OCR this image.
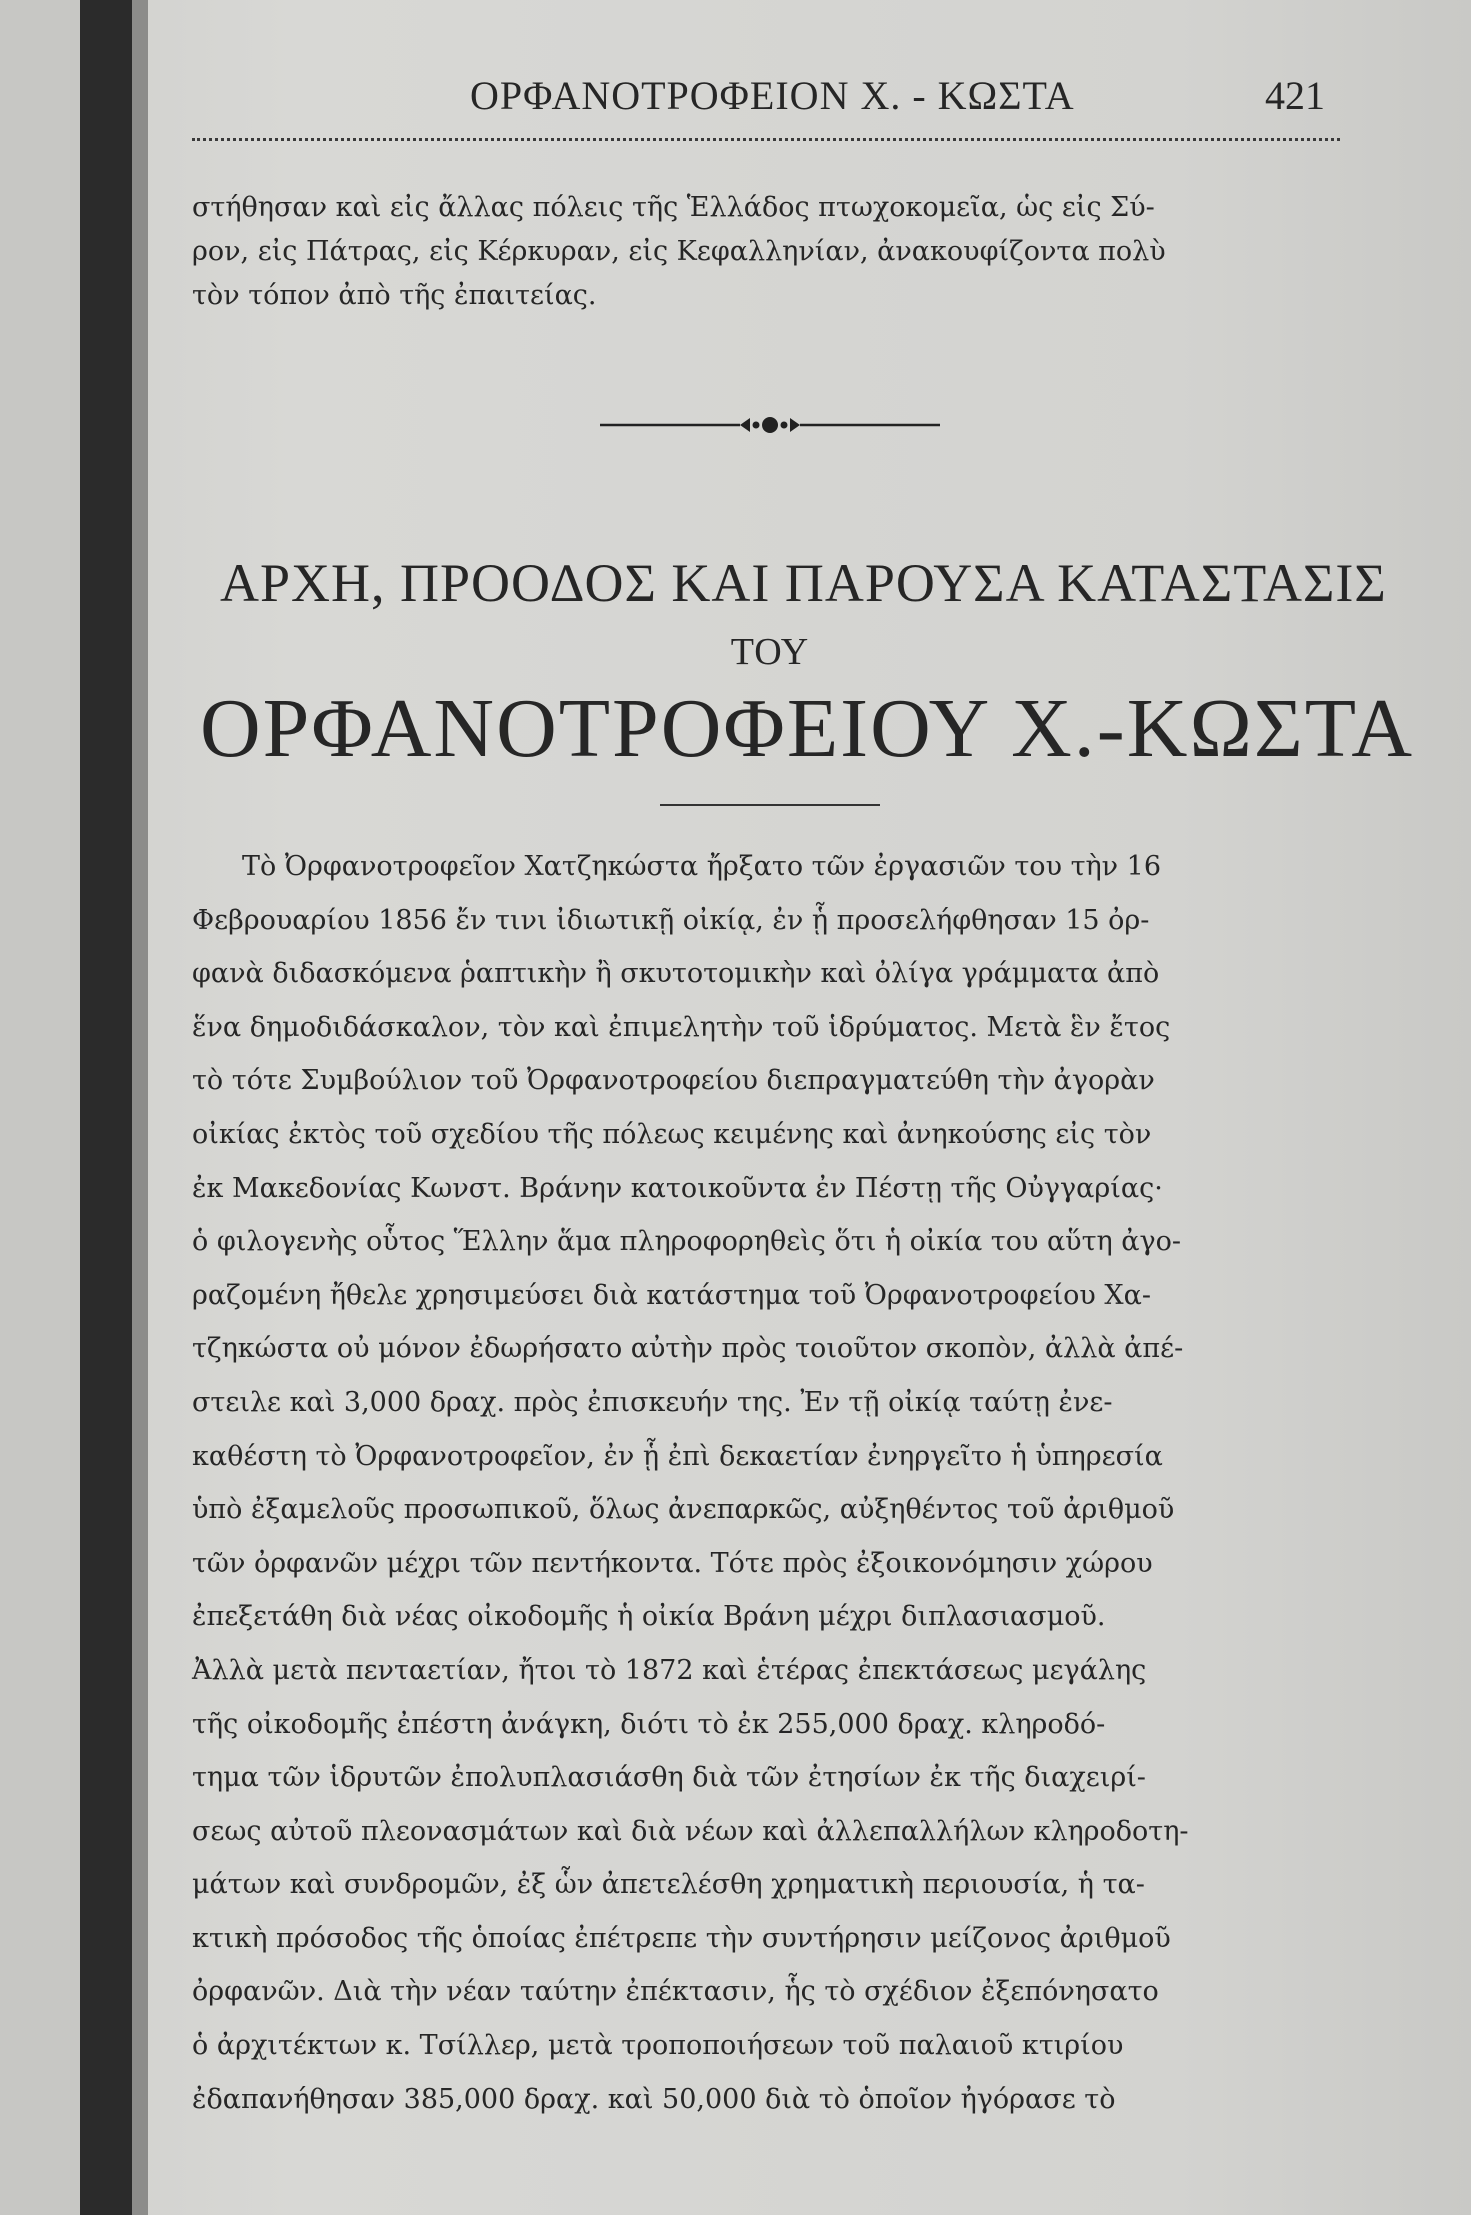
ΟΡΦΑΝΟΤΡΟΦΕΙΟΝ Χ. - ΚΩΣΤΑ	421
στήθησαν καὶ εἰς ἄλλας πόλεις τῆς Ἑλλάδος πτωχοκομεῖα, ὡς εἰς Σύ-
ρον, εἰς Πάτρας, εἰς Κέρκυραν, εἰς Κεφαλληνίαν, ἀνακουφίζοντα πολὺ
τὸν τόπον ἀπὸ τῆς ἐπαιτείας.
ΑΡΧΗ, ΠΡΟΟΔΟΣ ΚΑΙ ΠΑΡΟΥΣΑ ΚΑΤΑΣΤΑΣΙΣ
ΤΟΥ
ΟΡΦΑΝΟΤΡΟΦΕΙΟΥ Χ.-ΚΩΣΤΑ
Τὸ Ὀρφανοτροφεῖον Χατζηκώστα ἤρξατο τῶν ἐργασιῶν του τὴν 16
Φεβρουαρίου 1856 ἔν τινι ἰδιωτικῇ οἰκίᾳ, ἐν ᾗ προσελήφθησαν 15 ὀρ-
φανὰ διδασκόμενα ῥαπτικὴν ἢ σκυτοτομικὴν καὶ ὀλίγα γράμματα ἀπὸ
ἕνα δημοδιδάσκαλον, τὸν καὶ ἐπιμελητὴν τοῦ ἱδρύματος. Μετὰ ἓν ἔτος
τὸ τότε Συμβούλιον τοῦ Ὀρφανοτροφείου διεπραγματεύθη τὴν ἀγορὰν
οἰκίας ἐκτὸς τοῦ σχεδίου τῆς πόλεως κειμένης καὶ ἀνηκούσης εἰς τὸν
ἐκ Μακεδονίας Κωνστ. Βράνην κατοικοῦντα ἐν Πέστῃ τῆς Οὐγγαρίας·
ὁ φιλογενὴς οὗτος Ἕλλην ἅμα πληροφορηθεὶς ὅτι ἡ οἰκία του αὕτη ἀγο-
ραζομένη ἤθελε χρησιμεύσει διὰ κατάστημα τοῦ Ὀρφανοτροφείου Χα-
τζηκώστα οὐ μόνον ἐδωρήσατο αὐτὴν πρὸς τοιοῦτον σκοπὸν, ἀλλὰ ἀπέ-
στειλε καὶ 3,000 δραχ. πρὸς ἐπισκευήν της. Ἐν τῇ οἰκίᾳ ταύτῃ ἐνε-
καθέστη τὸ Ὀρφανοτροφεῖον, ἐν ᾗ ἐπὶ δεκαετίαν ἐνηργεῖτο ἡ ὑπηρεσία
ὑπὸ ἐξαμελοῦς προσωπικοῦ, ὅλως ἀνεπαρκῶς, αὐξηθέντος τοῦ ἀριθμοῦ
τῶν ὀρφανῶν μέχρι τῶν πεντήκοντα. Τότε πρὸς ἐξοικονόμησιν χώρου
ἐπεξετάθη διὰ νέας οἰκοδομῆς ἡ οἰκία Βράνη μέχρι διπλασιασμοῦ.
Ἀλλὰ μετὰ πενταετίαν, ἤτοι τὸ 1872 καὶ ἑτέρας ἐπεκτάσεως μεγάλης
τῆς οἰκοδομῆς ἐπέστη ἀνάγκη, διότι τὸ ἐκ 255,000 δραχ. κληροδό-
τημα τῶν ἱδρυτῶν ἐπολυπλασιάσθη διὰ τῶν ἐτησίων ἐκ τῆς διαχειρί-
σεως αὐτοῦ πλεονασμάτων καὶ διὰ νέων καὶ ἀλλεπαλλήλων κληροδοτη-
μάτων καὶ συνδρομῶν, ἐξ ὧν ἀπετελέσθη χρηματικὴ περιουσία, ἡ τα-
κτικὴ πρόσοδος τῆς ὁποίας ἐπέτρεπε τὴν συντήρησιν μείζονος ἀριθμοῦ
ὀρφανῶν. Διὰ τὴν νέαν ταύτην ἐπέκτασιν, ἧς τὸ σχέδιον ἐξεπόνησατο
ὁ ἀρχιτέκτων κ. Τσίλλερ, μετὰ τροποποιήσεων τοῦ παλαιοῦ κτιρίου
ἐδαπανήθησαν 385,000 δραχ. καὶ 50,000 διὰ τὸ ὁποῖον ἠγόρασε τὸ
